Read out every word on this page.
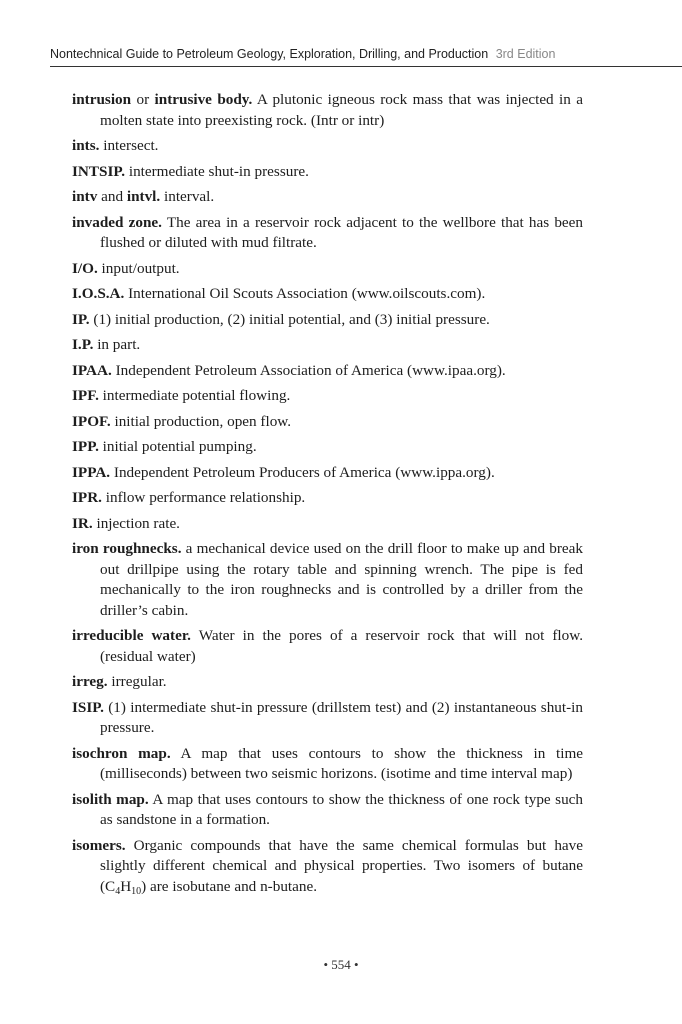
Nontechnical Guide to Petroleum Geology, Exploration, Drilling, and Production 3rd Edition

intrusion or intrusive body. A plutonic igneous rock mass that was injected in a molten state into preexisting rock. (Intr or intr)

ints. intersect.

INTSIP. intermediate shut-in pressure.

intv and intvl. interval.

invaded zone. The area in a reservoir rock adjacent to the wellbore that has been flushed or diluted with mud filtrate.

I/O. input/output.

I.O.S.A. International Oil Scouts Association (www.oilscouts.com).

IP. (1) initial production, (2) initial potential, and (3) initial pressure.

I.P. in part.

IPAA. Independent Petroleum Association of America (www.ipaa.org).

IPF. intermediate potential flowing.

IPOF. initial production, open flow.

IPP. initial potential pumping.

IPPA. Independent Petroleum Producers of America (www.ippa.org).

IPR. inflow performance relationship.

IR. injection rate.

iron roughnecks. a mechanical device used on the drill floor to make up and break out drillpipe using the rotary table and spinning wrench. The pipe is fed mechanically to the iron roughnecks and is controlled by a driller from the driller’s cabin.

irreducible water. Water in the pores of a reservoir rock that will not flow. (residual water)

irreg. irregular.

ISIP. (1) intermediate shut-in pressure (drillstem test) and (2) instantaneous shut-in pressure.

isochron map. A map that uses contours to show the thickness in time (milliseconds) between two seismic horizons. (isotime and time interval map)

isolith map. A map that uses contours to show the thickness of one rock type such as sandstone in a formation.

isomers. Organic compounds that have the same chemical formulas but have slightly different chemical and physical properties. Two isomers of butane $(C_4H_{10})$ are isobutane and n-butane.

• 554 •
